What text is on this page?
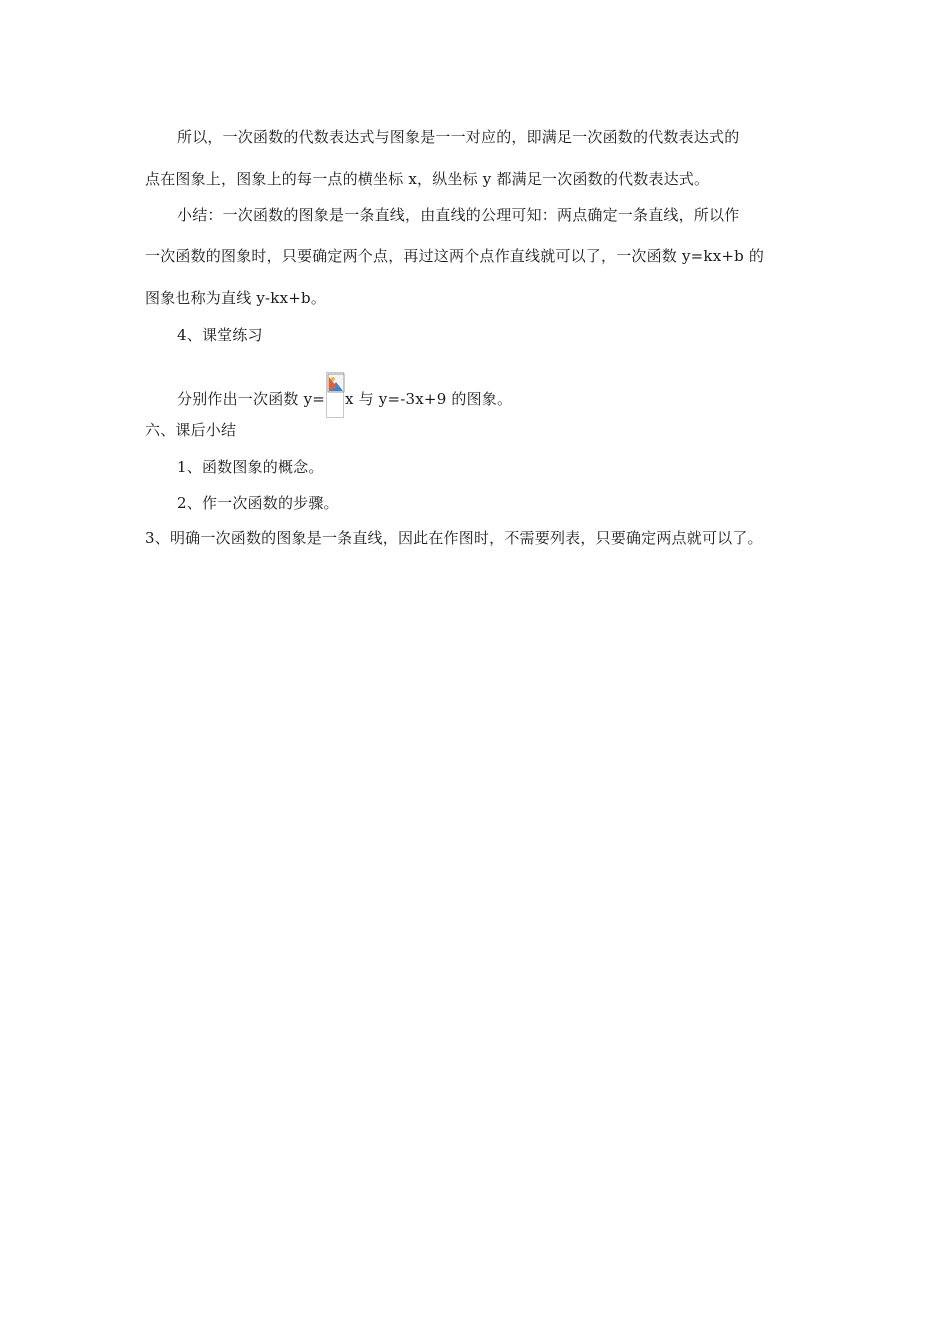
所以，一次函数的代数表达式与图象是一一对应的，即满足一次函数的代数表达式的
点在图象上，图象上的每一点的横坐标 x，纵坐标 y 都满足一次函数的代数表达式。
小结：一次函数的图象是一条直线，由直线的公理可知：两点确定一条直线，所以作
一次函数的图象时，只要确定两个点，再过这两个点作直线就可以了，一次函数 y=kx+b 的
图象也称为直线 y-kx+b。
4、课堂练习
分别作出一次函数 y= x 与 y=-3x+9 的图象。
六、课后小结
1、函数图象的概念。
2、作一次函数的步骤。
3、明确一次函数的图象是一条直线，因此在作图时，不需要列表，只要确定两点就可以了。
